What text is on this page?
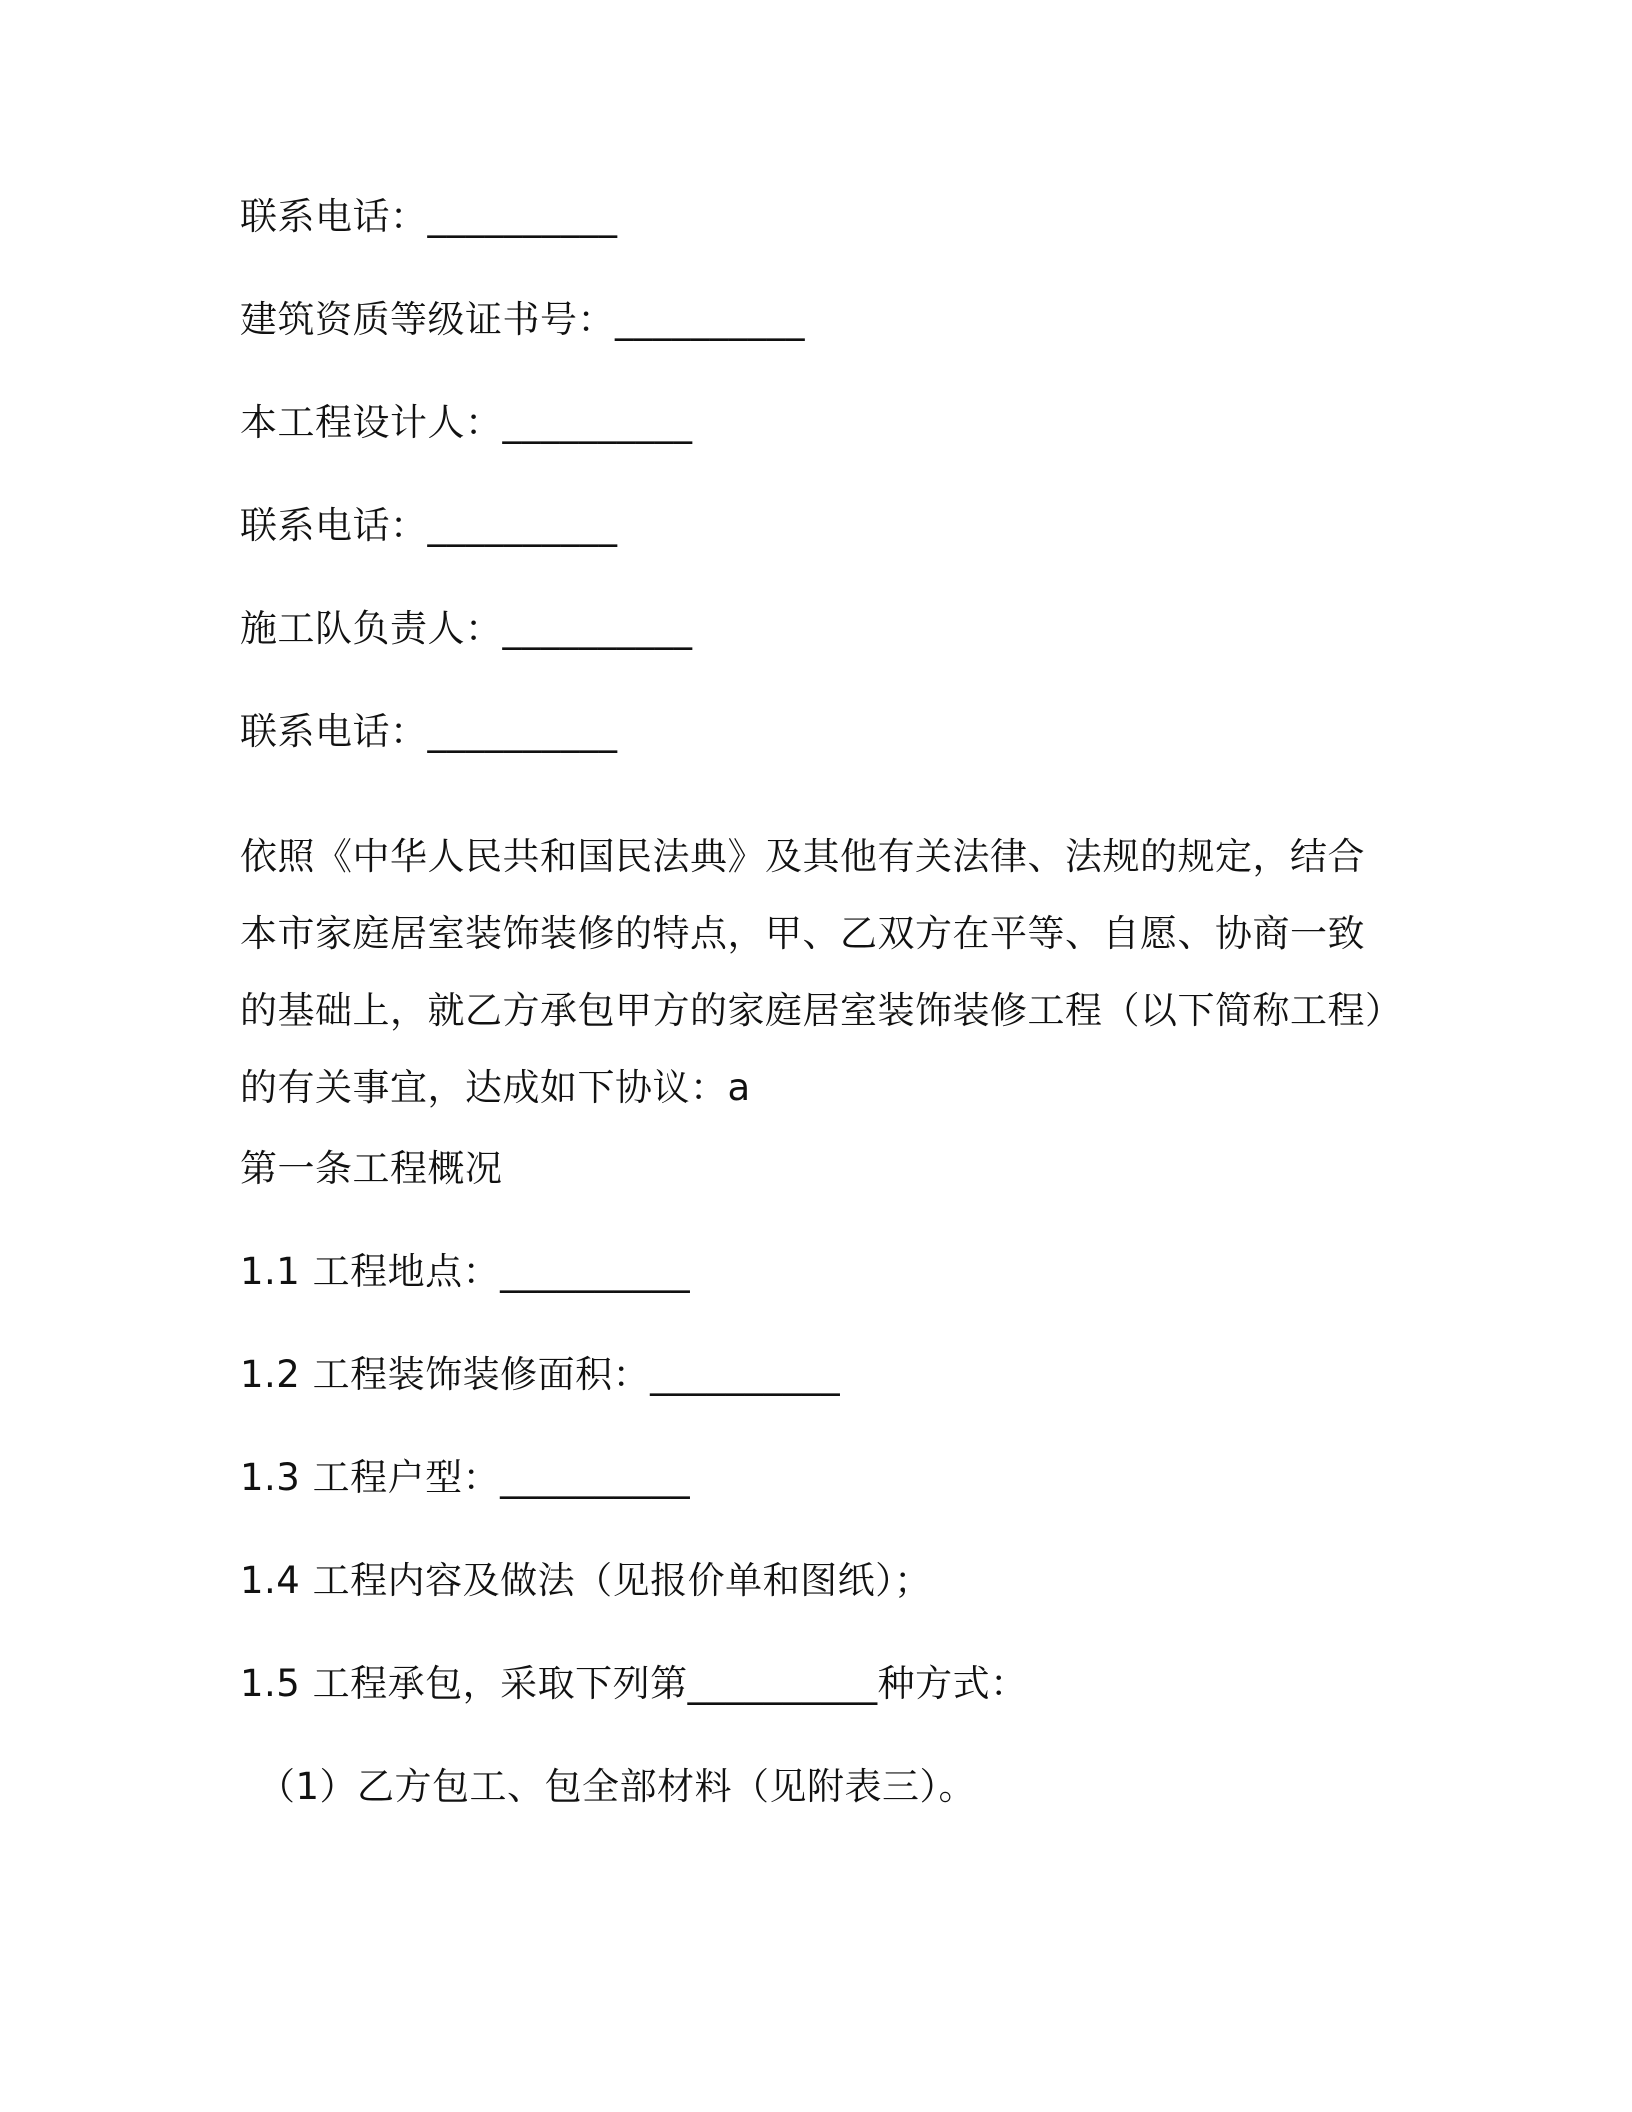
联系电话：__________

建筑资质等级证书号：__________

本工程设计人：__________

联系电话：__________

施工队负责人：__________

联系电话：__________

依照《中华人民共和国民法典》及其他有关法律、法规的规定，结合
本市家庭居室装饰装修的特点，甲、乙双方在平等、自愿、协商一致
的基础上，就乙方承包甲方的家庭居室装饰装修工程（以下简称工程）
的有关事宜，达成如下协议：a

第一条工程概况

1.1 工程地点：__________

1.2 工程装饰装修面积：__________

1.3 工程户型：__________

1.4 工程内容及做法（见报价单和图纸）；

1.5 工程承包，采取下列第__________种方式：

（1）乙方包工、包全部材料（见附表三）。
